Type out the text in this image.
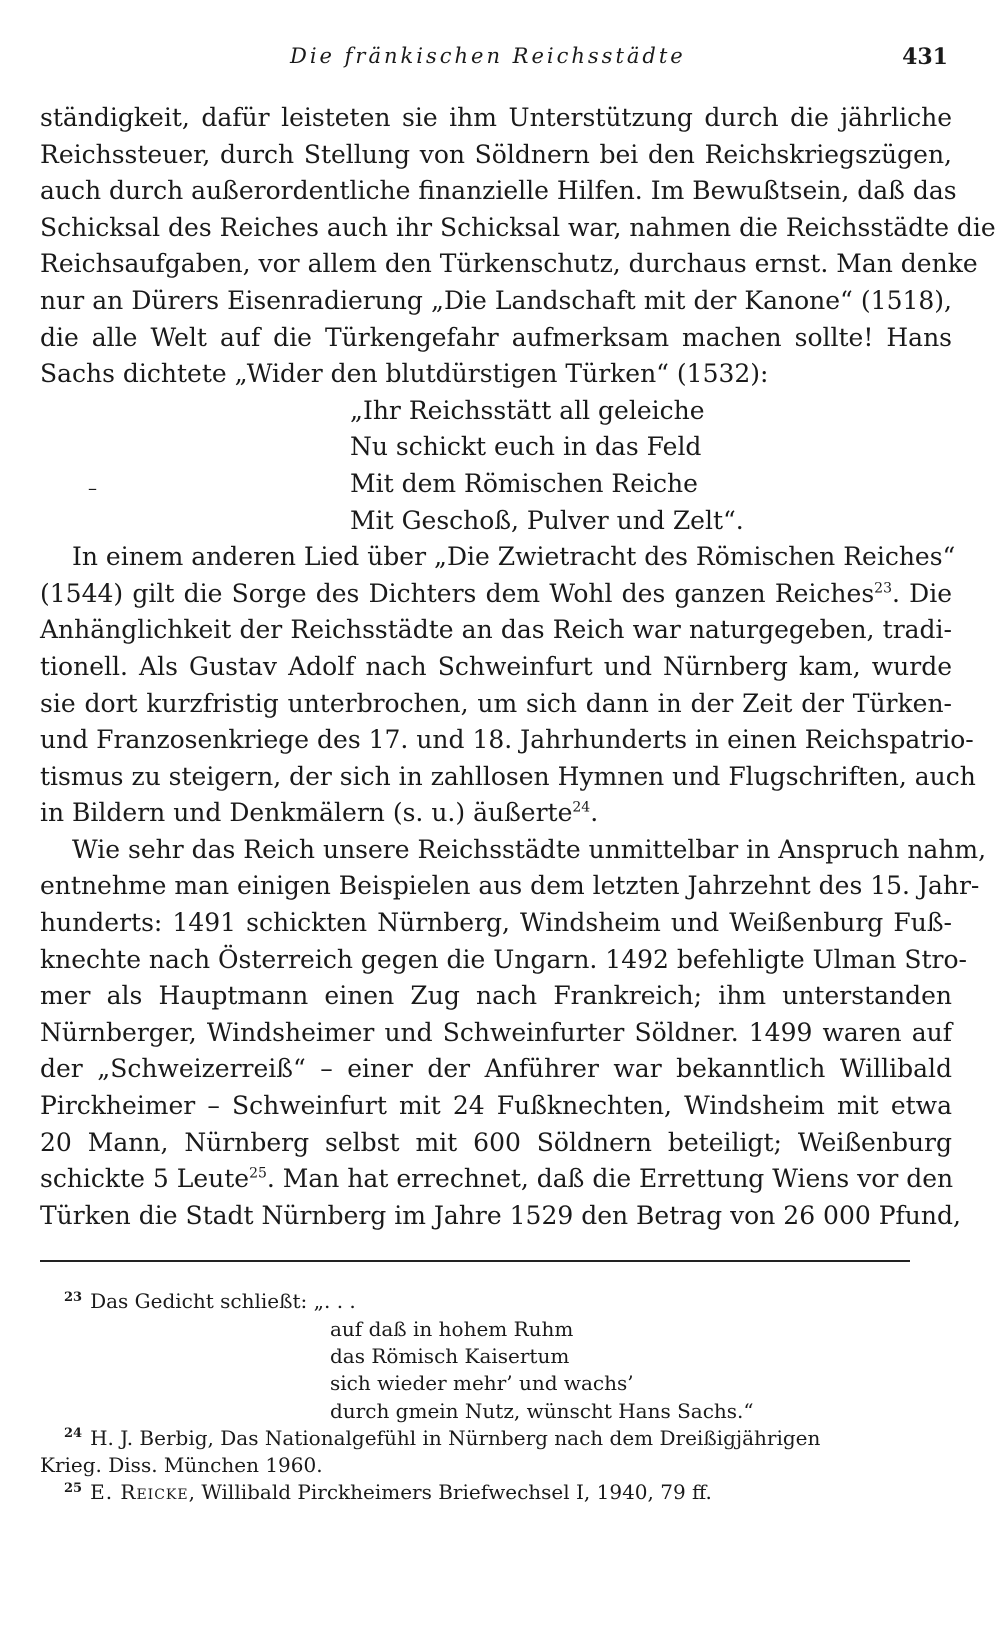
Die fränkischen Reichsstädte	431
ständigkeit, dafür leisteten sie ihm Unterstützung durch die jährliche
Reichssteuer, durch Stellung von Söldnern bei den Reichskriegszügen,
auch durch außerordentliche finanzielle Hilfen. Im Bewußtsein, daß das
Schicksal des Reiches auch ihr Schicksal war, nahmen die Reichsstädte die
Reichsaufgaben, vor allem den Türkenschutz, durchaus ernst. Man denke
nur an Dürers Eisenradierung „Die Landschaft mit der Kanone“ (1518),
die alle Welt auf die Türkengefahr aufmerksam machen sollte! Hans
Sachs dichtete „Wider den blutdürstigen Türken“ (1532):
„Ihr Reichsstätt all geleiche
Nu schickt euch in das Feld
–	Mit dem Römischen Reiche
Mit Geschoß, Pulver und Zelt“.
In einem anderen Lied über „Die Zwietracht des Römischen Reiches“
(1544) gilt die Sorge des Dichters dem Wohl des ganzen Reiches$^{23}$. Die
Anhänglichkeit der Reichsstädte an das Reich war naturgegeben, tradi-
tionell. Als Gustav Adolf nach Schweinfurt und Nürnberg kam, wurde
sie dort kurzfristig unterbrochen, um sich dann in der Zeit der Türken-
und Franzosenkriege des 17. und 18. Jahrhunderts in einen Reichspatrio-
tismus zu steigern, der sich in zahllosen Hymnen und Flugschriften, auch
in Bildern und Denkmälern (s. u.) äußerte$^{24}$.
Wie sehr das Reich unsere Reichsstädte unmittelbar in Anspruch nahm,
entnehme man einigen Beispielen aus dem letzten Jahrzehnt des 15. Jahr-
hunderts: 1491 schickten Nürnberg, Windsheim und Weißenburg Fuß-
knechte nach Österreich gegen die Ungarn. 1492 befehligte Ulman Stro-
mer als Hauptmann einen Zug nach Frankreich; ihm unterstanden
Nürnberger, Windsheimer und Schweinfurter Söldner. 1499 waren auf
der „Schweizerreiß“ – einer der Anführer war bekanntlich Willibald
Pirckheimer – Schweinfurt mit 24 Fußknechten, Windsheim mit etwa
20 Mann, Nürnberg selbst mit 600 Söldnern beteiligt; Weißenburg
schickte 5 Leute$^{25}$. Man hat errechnet, daß die Errettung Wiens vor den
Türken die Stadt Nürnberg im Jahre 1529 den Betrag von 26 000 Pfund,
$^{23}$ Das Gedicht schließt: „. . .
auf daß in hohem Ruhm
das Römisch Kaisertum
sich wieder mehr’ und wachs’
durch gmein Nutz, wünscht Hans Sachs.“
$^{24}$ H. J. Berbig, Das Nationalgefühl in Nürnberg nach dem Dreißigjährigen
Krieg. Diss. München 1960.
$^{25}$ E. Reicke, Willibald Pirckheimers Briefwechsel I, 1940, 79 ff.
